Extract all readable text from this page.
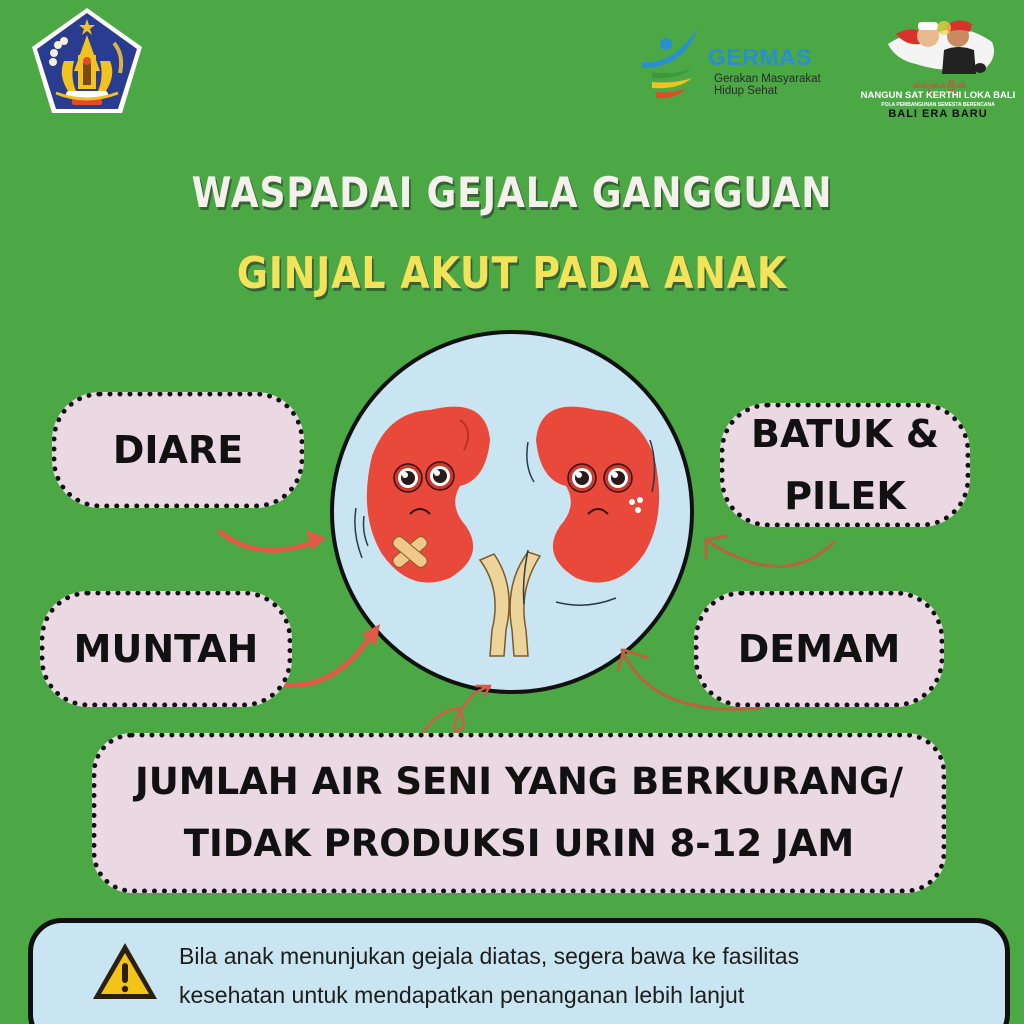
GERMAS
Gerakan Masyarakat
Hidup Sehat	ꦤꦔꦸꦤ꧀ꦱꦠ꧀ꦏꦼꦂꦠꦶ
NANGUN SAT KERTHI LOKA BALI
POLA PEMBANGUNAN SEMESTA BERENCANA
BALI ERA BARU
WASPADAI GEJALA GANGGUAN
GINJAL AKUT PADA ANAK
DIARE	BATUK &
PILEK
MUNTAH	DEMAM
JUMLAH AIR SENI YANG BERKURANG/
TIDAK PRODUKSI URIN 8-12 JAM
Bila anak menunjukan gejala diatas, segera bawa ke fasilitas
kesehatan untuk mendapatkan penanganan lebih lanjut
